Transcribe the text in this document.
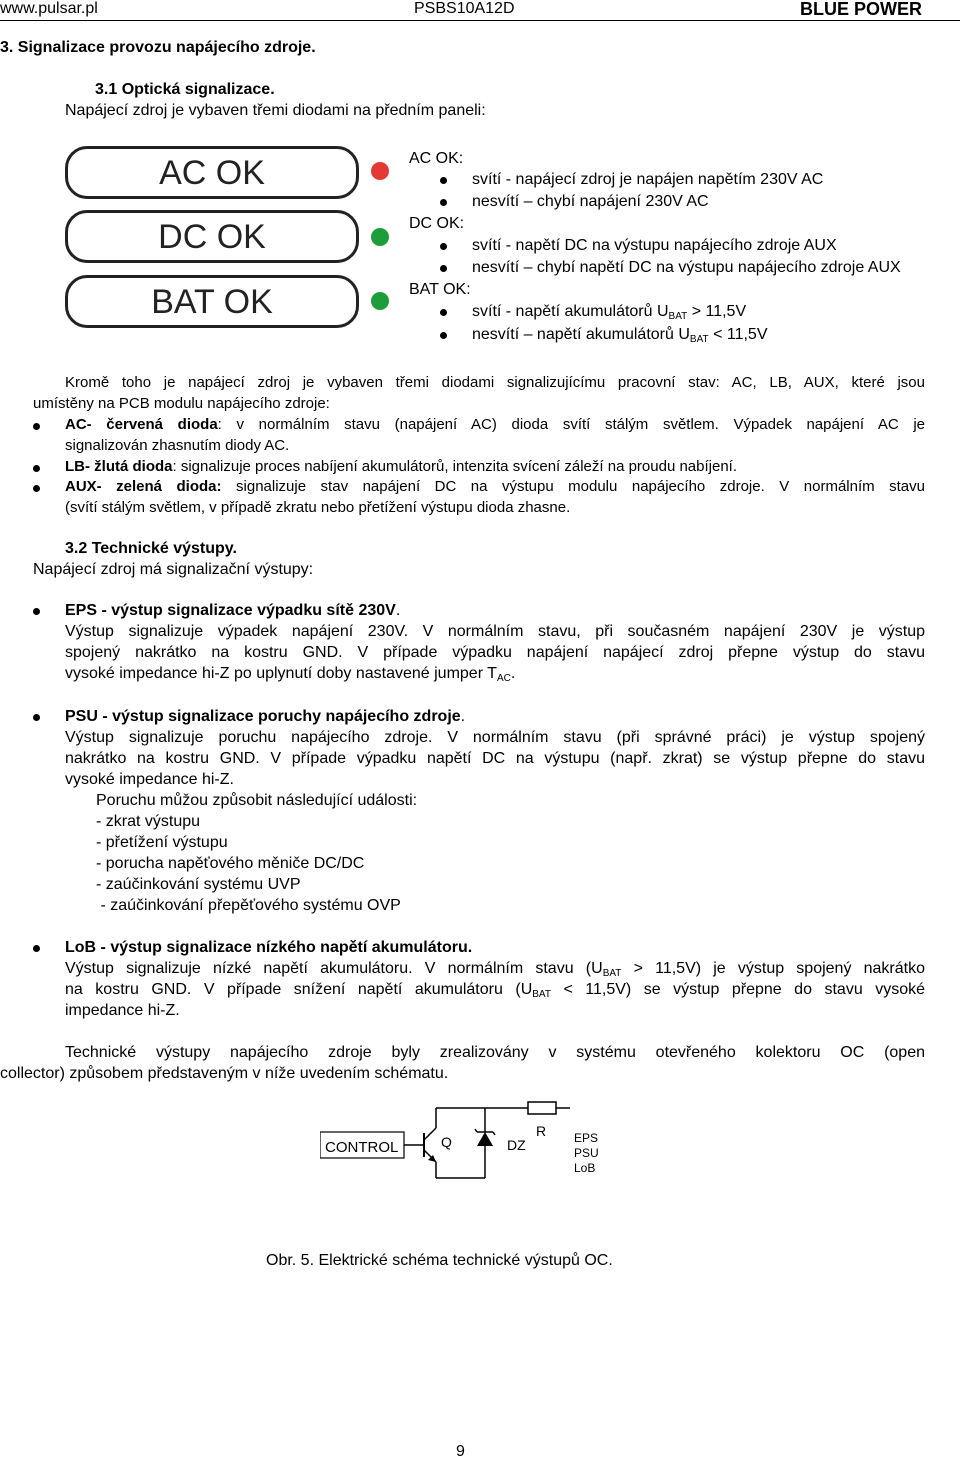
www.pulsar.pl	PSBS10A12D	BLUE POWER
3. Signalizace provozu napájecího zdroje.
3.1 Optická signalizace.
Napájecí zdroj je vybaven třemi diodami na předním paneli:
AC OK
DC OK
BAT OK
AC OK:
svítí - napájecí zdroj je napájen napětím 230V AC
nesvítí – chybí napájení 230V AC
DC OK:
svítí - napětí DC na výstupu napájecího zdroje AUX
nesvítí – chybí napětí DC na výstupu napájecího zdroje AUX
BAT OK:
svítí - napětí akumulátorů $U_{BAT} > 11,5V$
nesvítí – napětí akumulátorů $U_{BAT} < 11,5V$
Kromě toho je napájecí zdroj je vybaven třemi diodami signalizujícímu pracovní stav: AC, LB, AUX, které jsou
umístěny na PCB modulu napájecího zdroje:
AC- červená dioda: v normálním stavu (napájení AC) dioda svítí stálým světlem. Výpadek napájení AC je
signalizován zhasnutím diody AC.
LB- žlutá dioda: signalizuje proces nabíjení akumulátorů, intenzita svícení záleží na proudu nabíjení.
AUX- zelená dioda: signalizuje stav napájení DC na výstupu modulu napájecího zdroje. V normálním stavu
(svítí stálým světlem, v případě zkratu nebo přetížení výstupu dioda zhasne.
3.2 Technické výstupy.
Napájecí zdroj má signalizační výstupy:
EPS - výstup signalizace výpadku sítě 230V.
Výstup signalizuje výpadek napájení 230V. V normálním stavu, při současném napájení 230V je výstup
spojený nakrátko na kostru GND. V případe výpadku napájení napájecí zdroj přepne výstup do stavu
vysoké impedance hi-Z po uplynutí doby nastavené jumper $T_{AC}$.
PSU - výstup signalizace poruchy napájecího zdroje.
Výstup signalizuje poruchu napájecího zdroje. V normálním stavu (při správné práci) je výstup spojený
nakrátko na kostru GND. V případe výpadku napětí DC na výstupu (např. zkrat) se výstup přepne do stavu
vysoké impedance hi-Z.
Poruchu můžou způsobit následující události:
- zkrat výstupu
- přetížení výstupu
- porucha napěťového měniče DC/DC
- zaúčinkování systému UVP
- zaúčinkování přepěťového systému OVP
LoB - výstup signalizace nízkého napětí akumulátoru.
Výstup signalizuje nízké napětí akumulátoru. V normálním stavu $(U_{BAT} > 11,5V)$ je výstup spojený nakrátko
na kostru GND. V případe snížení napětí akumulátoru $(U_{BAT} < 11,5V)$ se výstup přepne do stavu vysoké
impedance hi-Z.
Technické výstupy napájecího zdroje byly zrealizovány v systému otevřeného kolektoru OC (open
collector) způsobem představeným v níže uvedením schématu.
CONTROL	Q
R
DZ	EPS
PSU
LoB
Obr. 5. Elektrické schéma technické výstupů OC.
9
